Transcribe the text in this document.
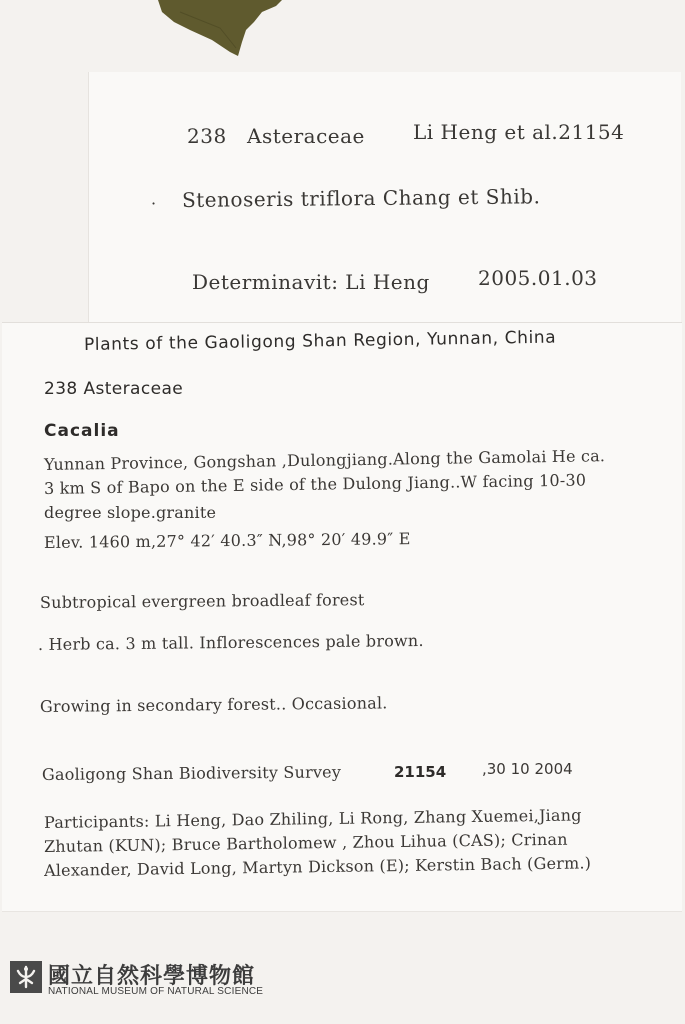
238 Asteraceae Li Heng et al.21154
· Stenoseris triflora Chang et Shib.
Determinavit: Li Heng 2005.01.03
Plants of the Gaoligong Shan Region, Yunnan, China
238 Asteraceae
Cacalia
Yunnan Province, Gongshan ,Dulongjiang.Along the Gamolai He ca.
3 km S of Bapo on the E side of the Dulong Jiang..W facing 10-30
degree slope.granite
Elev. 1460 m,27° 42′ 40.3″ N,98° 20′ 49.9″ E
Subtropical evergreen broadleaf forest
. Herb ca. 3 m tall. Inflorescences pale brown.
Growing in secondary forest.. Occasional.
Gaoligong Shan Biodiversity Survey	21154 ,30 10 2004
Participants: Li Heng, Dao Zhiling, Li Rong, Zhang Xuemei,Jiang
Zhutan (KUN); Bruce Bartholomew , Zhou Lihua (CAS); Crinan
Alexander, David Long, Martyn Dickson (E); Kerstin Bach (Germ.)
國立自然科學博物館
NATIONAL MUSEUM OF NATURAL SCIENCE
